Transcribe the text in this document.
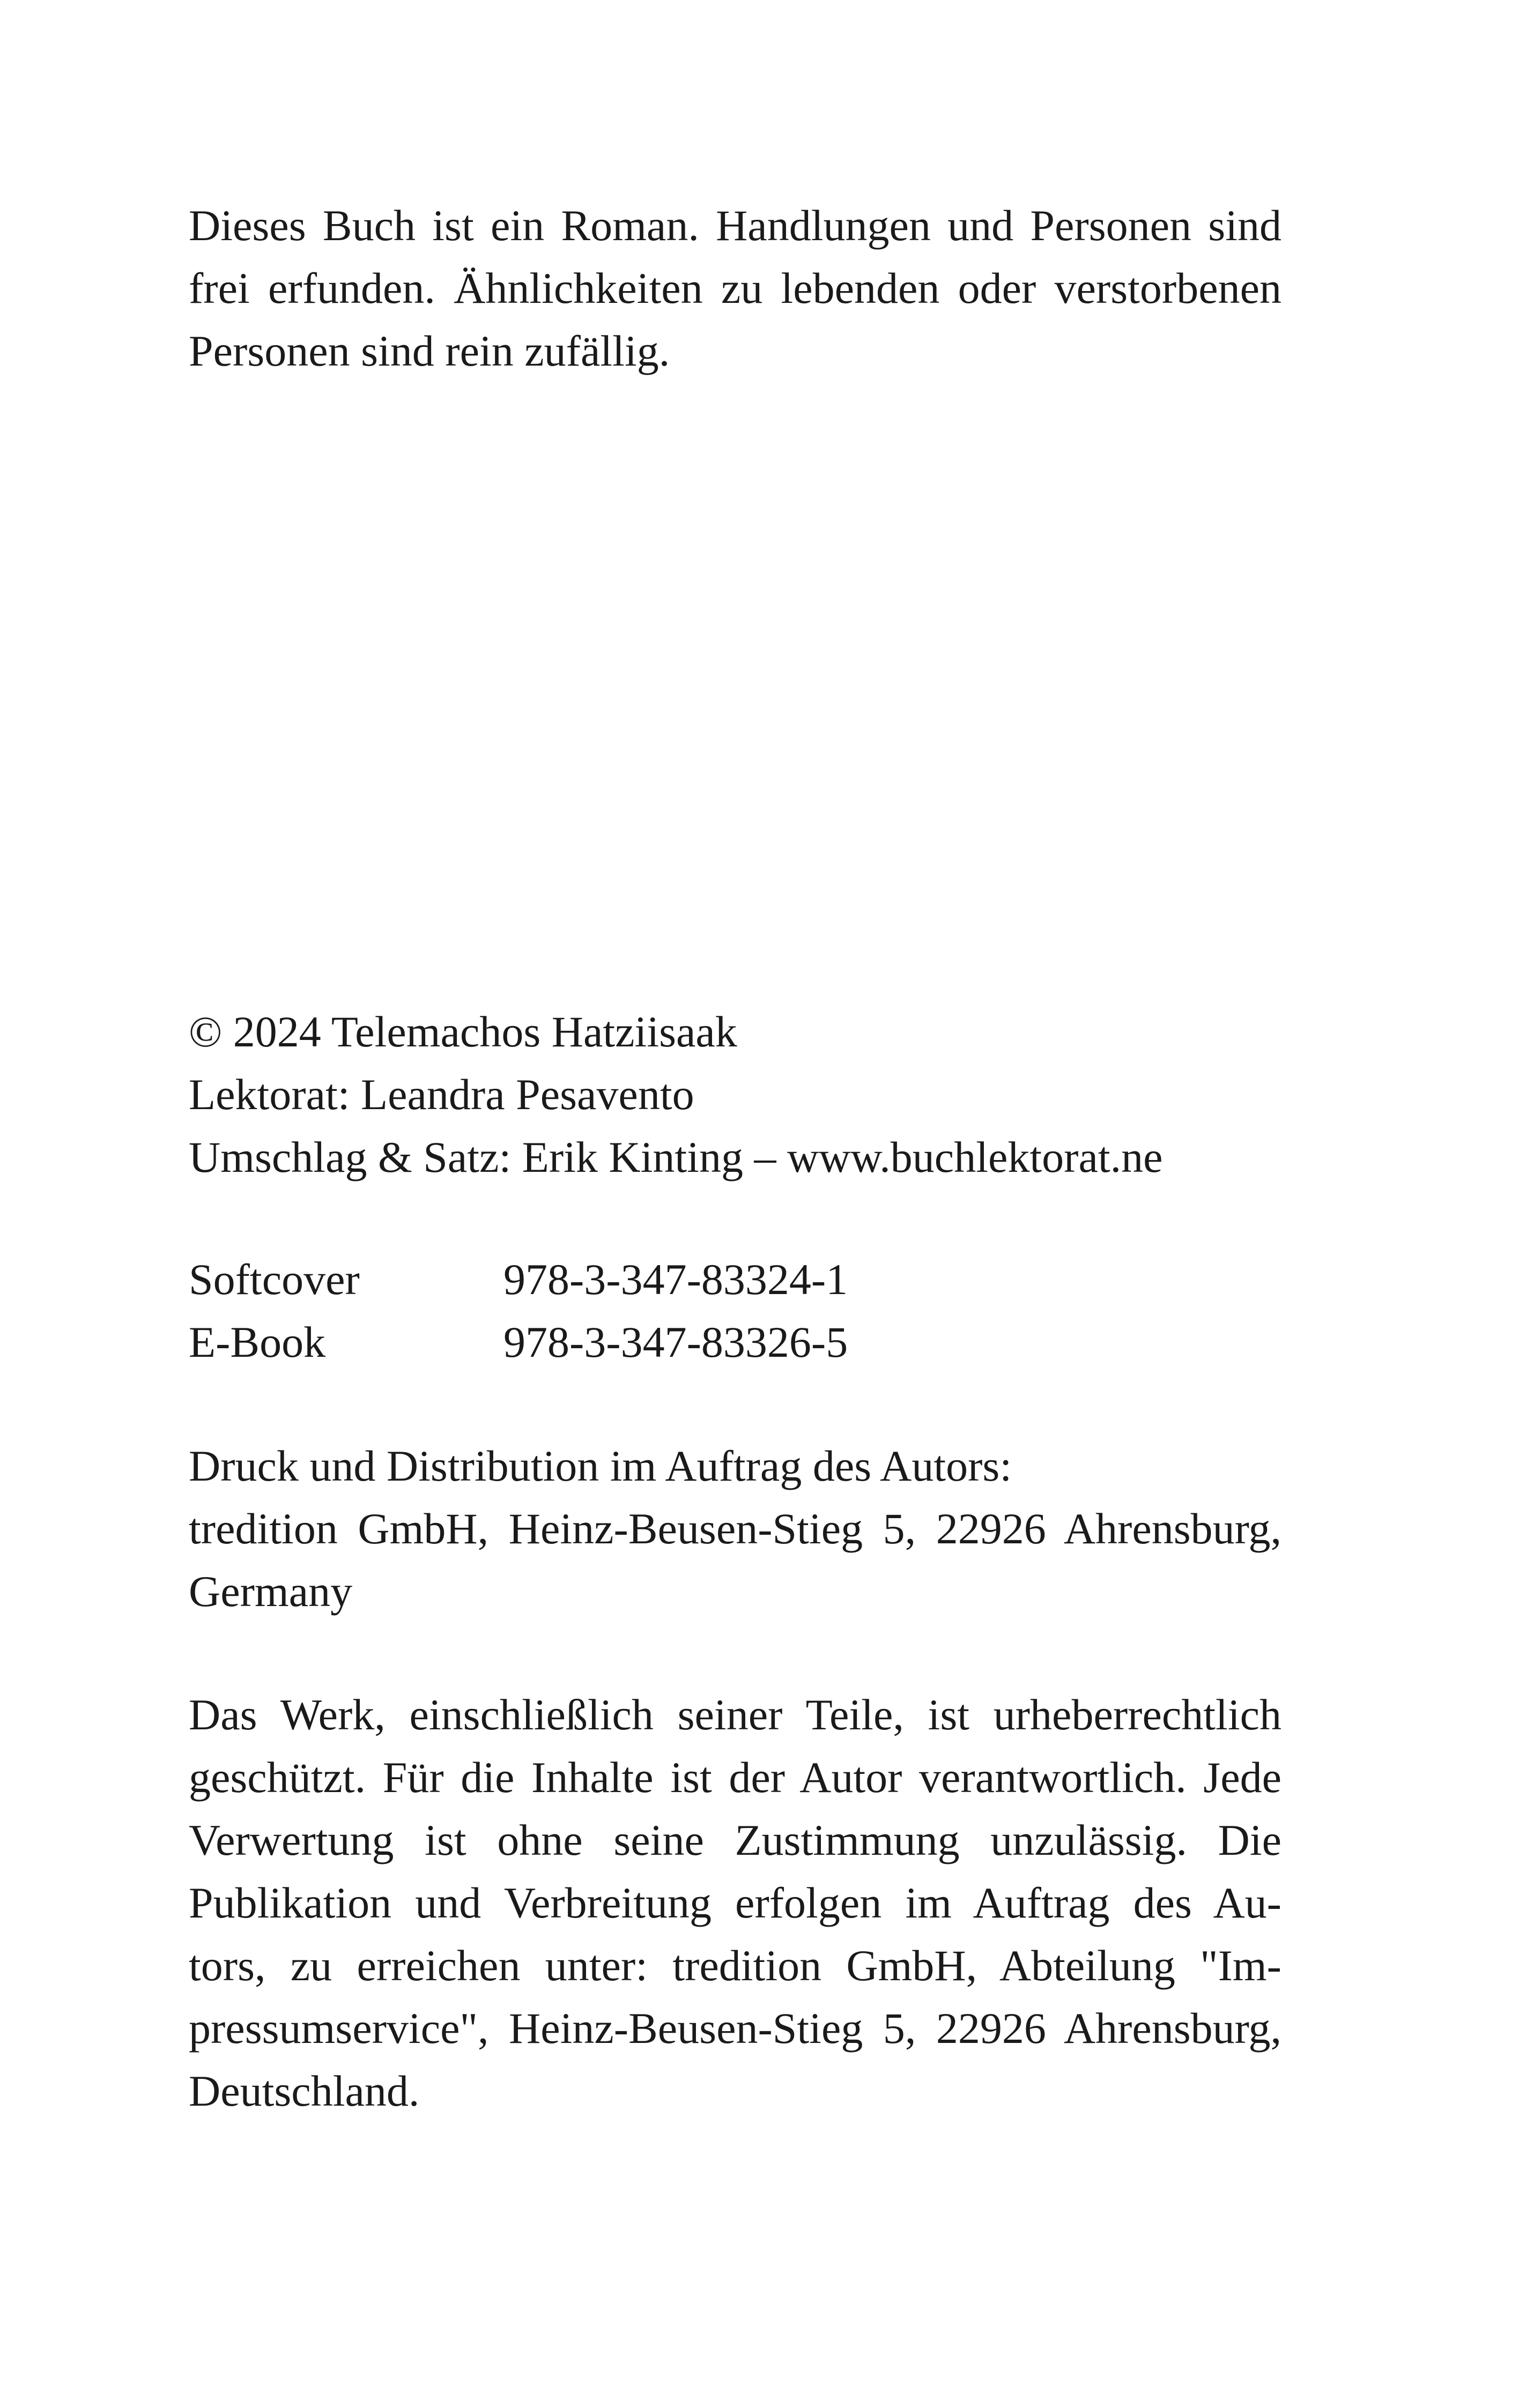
Dieses Buch ist ein Roman. Handlungen und Personen sind
frei erfunden. Ähnlichkeiten zu lebenden oder verstorbenen
Personen sind rein zufällig.
© 2024 Telemachos Hatziisaak
Lektorat: Leandra Pesavento
Umschlag & Satz: Erik Kinting – www.buchlektorat.ne
Softcover	978-3-347-83324-1
E-Book	978-3-347-83326-5
Druck und Distribution im Auftrag des Autors:
tredition GmbH, Heinz-Beusen-Stieg 5, 22926 Ahrensburg,
Germany
Das Werk, einschließlich seiner Teile, ist urheberrechtlich
geschützt. Für die Inhalte ist der Autor verantwortlich. Jede
Verwertung ist ohne seine Zustimmung unzulässig. Die
Publikation und Verbreitung erfolgen im Auftrag des Au-
tors, zu erreichen unter: tredition GmbH, Abteilung "Im-
pressumservice", Heinz-Beusen-Stieg 5, 22926 Ahrensburg,
Deutschland.
